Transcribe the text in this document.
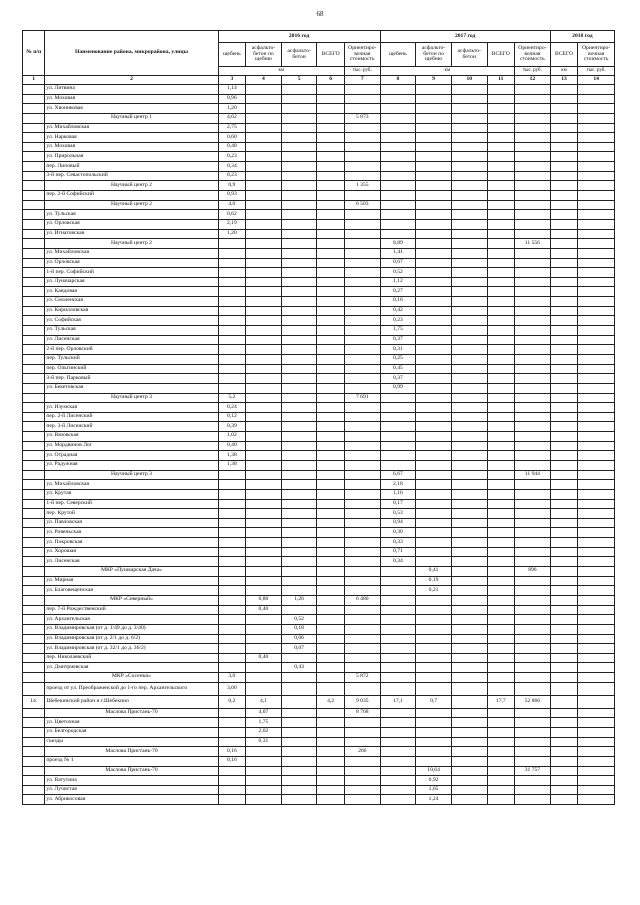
68
№ п/п	Наименование района, микрорайона, улицы	2016 год					2017 год					2018 год	
		щебень	асфальто-бетон по щебню	асфальто-бетон	ВСЕГО	Ориентиро-вочная стоимость	щебень	асфальто-бетон по щебню	асфальто-бетон	ВСЕГО	Ориентиро-вочная стоимость	ВСЕГО	Ориентиро-вочная стоимость
		км				тыс. руб.	км				тыс. руб.	км	тыс. руб.
1	2	3	4	5	6	7	8	9	10	11	12	13	14
	ул. Литвина	1,14											
	ул. Моховая	0,96											
	ул. Хвоинковая	1,20											
	Научный центр 1	4,62				5 873							
	ул. Михайловская	2,75											
	ул. Нарковая	0,60											
	ул. Моховая	0,48											
	ул. Прирольная	0,23											
	пер. Липовый	0,34											
	3-й пер. Севастопольский	0,23											
	Научный центр 2	0,9				1 355							
	пер. 2-й Софийский	0,93											
	Научный центр 2	4,0				6 503							
	ул. Тульская	0,62											
	ул. Орловская	2,19											
	ул. Игнатовская	1,20											
	Научный центр 2						8,89				11 556		
	ул. Михайловская						1,41						
	ул. Орловская						0,67						
	1-й пер. Софийский						0,52						
	ул. Луначарская						1,12						
	ул. Кандовая						0,27						
	ул. Смоленская						0,16						
	ул. Кирилловская						0,42						
	ул. Софийская						0,23						
	ул. Тульская						1,75						
	ул. Лисенская						0,37						
	2-й пер. Орловский						0,31						
	пер. Тульский						0,25						
	пер. Ольгинский						0,45						
	3-й пер. Парковый						0,37						
	ул. Бекетовская						0,99						
	Научный центр 3	5,2				7 691							
	ул. Изумская	0,24											
	пер. 2-й Лисенский	0,12											
	пер. 3-й Лисенский	0,39											
	ул. Вязовская	1,02											
	ул. Мордвинов Лог	0,40											
	ул. Отрадная	1,38											
	ул. Радужная	1,38											
	Научный центр 3						6,67				11 944		
	ул. Михайловская						2,18						
	ул. Крутая						1,16						
	1-й пер. Северский						0,17						
	пер. Крутой						0,53						
	ул. Павловская						0,94						
	ул. Ровеньская						0,30						
	ул. Покровская						0,33						
	ул. Хорошая						0,71						
	ул. Лисенская						0,34						
	МКР «Пушкарская Дача»							0,41			896		
	ул. Мирная							0,19					
	ул. Благовещенская							0,21					
	МКР «Северный»		0,80	1,26		6 480							
	пер. 7-й Рождественский		0,40										
	ул. Архангельская			0,52									
	ул. Владимировская (от д. 1/49 до д. 3/40)			0,18									
	ул. Владимировская (от д. 2/1 до д. 6/2)			0,06									
	ул. Владимировская (от д. 32/1 до д. 36/2)			0,07									
	пер. Николаевский		0,40										
	ул. Дмитриевская			0,43									
	МКР «Сосенки»	3,0				5 872							
	проезд от ул. Преображенской до 1-го пер. Архангельского	3,00											
14.	Шебекинский район и г.Шебекино	0,2	4,1		4,2	9 035	17,1	0,7		17,7	52 866		
	Маслова Пристань-70		4,07			8 768							
	ул. Цветочная		1,75										
	ул. Белгородская		2,02										
	съезды		0,31										
	Маслова Пристань-70	0,16				266							
	проезд № 1	0,16											
	Маслова Пристань-70							10,64			31 757		
	ул. Ватутина							0,92					
	ул. Лучистая							1,65					
	ул. Абрикосовая							1,24					
